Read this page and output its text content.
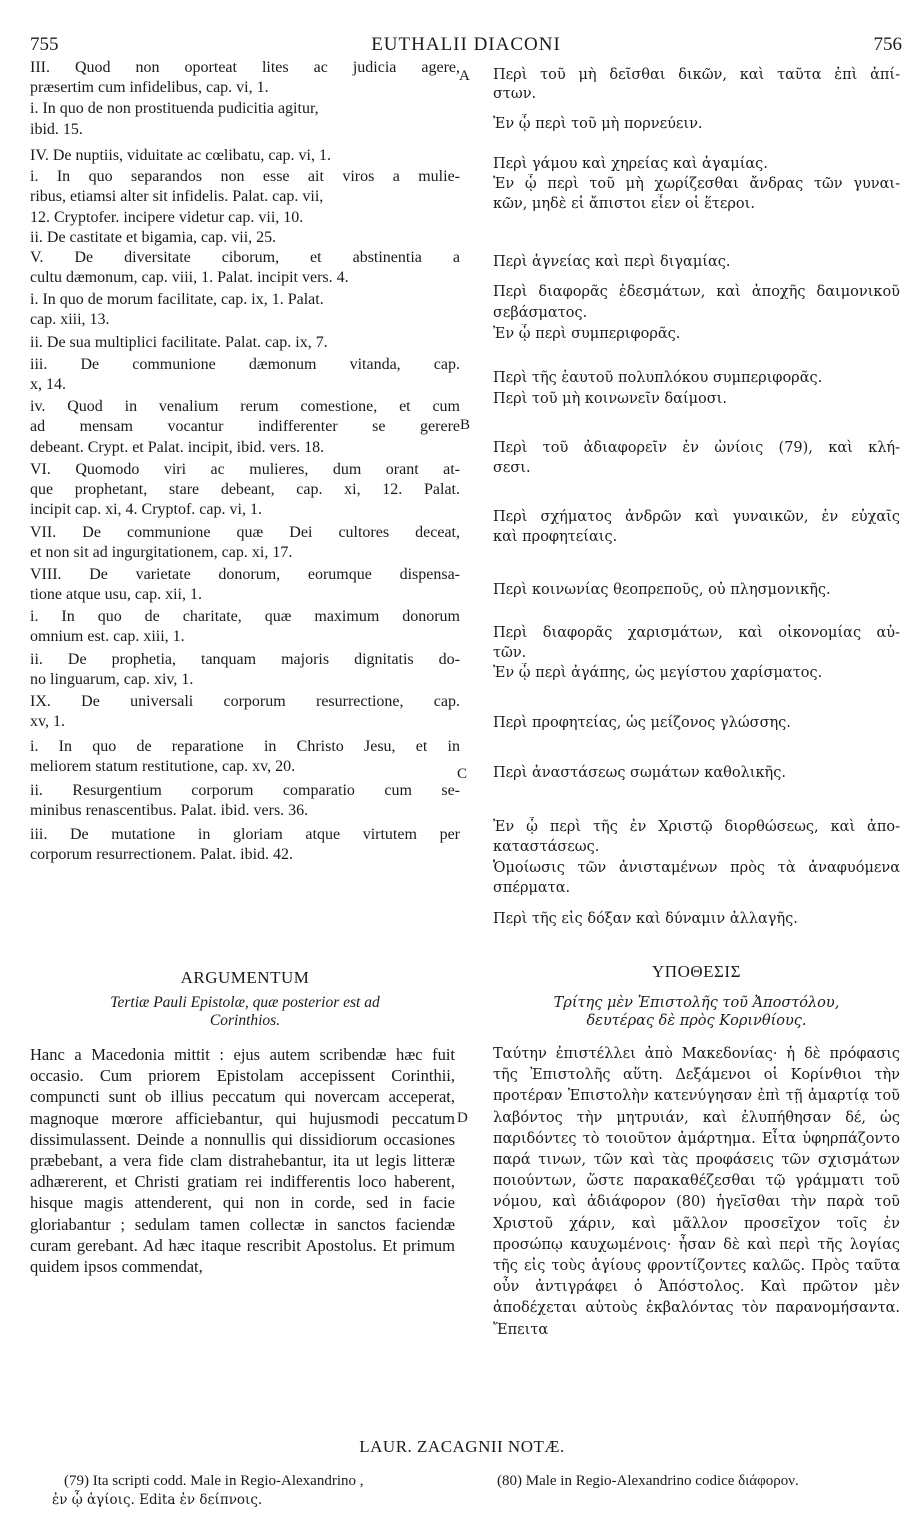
755	EUTHALII DIACONI	756
III. Quod non oporteat lites ac judicia agere,
præsertim cum infidelibus, cap. vi, 1.
i. In quo de non prostituenda pudicitia agitur,
ibid. 15.
IV. De nuptiis, viduitate ac cœlibatu, cap. vi, 1.
i. In quo separandos non esse ait viros a mulie-
ribus, etiamsi alter sit infidelis. Palat. cap. vii,
12. Cryptofer. incipere videtur cap. vii, 10.
ii. De castitate et bigamia, cap. vii, 25.
V. De diversitate ciborum, et abstinentia a
cultu dæmonum, cap. viii, 1. Palat. incipit vers. 4.
i. In quo de morum facilitate, cap. ix, 1. Palat.
cap. xiii, 13.
ii. De sua multiplici facilitate. Palat. cap. ix, 7.
iii. De communione dæmonum vitanda, cap.
x, 14.
iv. Quod in venalium rerum comestione, et cum
ad mensam vocantur indifferenter se gerere
debeant. Crypt. et Palat. incipit, ibid. vers. 18.
VI. Quomodo viri ac mulieres, dum orant at-
que prophetant, stare debeant, cap. xi, 12. Palat.
incipit cap. xi, 4. Cryptof. cap. vi, 1.
VII. De communione quæ Dei cultores deceat,
et non sit ad ingurgitationem, cap. xi, 17.
VIII. De varietate donorum, eorumque dispensa-
tione atque usu, cap. xii, 1.
i. In quo de charitate, quæ maximum donorum
omnium est. cap. xiii, 1.
ii. De prophetia, tanquam majoris dignitatis do-
no linguarum, cap. xiv, 1.
IX. De universali corporum resurrectione, cap.
xv, 1.
i. In quo de reparatione in Christo Jesu, et in
meliorem statum restitutione, cap. xv, 20.
ii. Resurgentium corporum comparatio cum se-
minibus renascentibus. Palat. ibid. vers. 36.
iii. De mutatione in gloriam atque virtutem per
corporum resurrectionem. Palat. ibid. 42.
Περὶ τοῦ μὴ δεῖσθαι δικῶν, καὶ ταῦτα ἐπὶ ἀπί-
στων.
Ἐν ᾧ περὶ τοῦ μὴ πορνεύειν.
Περὶ γάμου καὶ χηρείας καὶ ἀγαμίας.
Ἐν ᾧ περὶ τοῦ μὴ χωρίζεσθαι ἄνδρας τῶν γυναι-
κῶν, μηδὲ εἰ ἄπιστοι εἶεν οἱ ἕτεροι.
Περὶ ἁγνείας καὶ περὶ διγαμίας.
Περὶ διαφορᾶς ἐδεσμάτων, καὶ ἀποχῆς δαιμονικοῦ
σεβάσματος.
Ἐν ᾧ περὶ συμπεριφορᾶς.
Περὶ τῆς ἑαυτοῦ πολυπλόκου συμπεριφορᾶς.
Περὶ τοῦ μὴ κοινωνεῖν δαίμοσι.
Περὶ τοῦ ἀδιαφορεῖν ἐν ὠνίοις (79), καὶ κλή-
σεσι.
Περὶ σχήματος ἀνδρῶν καὶ γυναικῶν, ἐν εὐχαῖς
καὶ προφητείαις.
Περὶ κοινωνίας θεοπρεποῦς, οὐ πλησμονικῆς.
Περὶ διαφορᾶς χαρισμάτων, καὶ οἰκονομίας αὐ-
τῶν.
Ἐν ᾧ περὶ ἀγάπης, ὡς μεγίστου χαρίσματος.
Περὶ προφητείας, ὡς μείζονος γλώσσης.
Περὶ ἀναστάσεως σωμάτων καθολικῆς.
Ἐν ᾧ περὶ τῆς ἐν Χριστῷ διορθώσεως, καὶ ἀπο-
καταστάσεως.
Ὁμοίωσις τῶν ἀνισταμένων πρὸς τὰ ἀναφυόμενα
σπέρματα.
Περὶ τῆς εἰς δόξαν καὶ δύναμιν ἀλλαγῆς.
A
B
C
D
ARGUMENTUM
Tertiæ Pauli Epistolæ, quæ posterior est ad
Corinthios.
Hanc a Macedonia mittit : ejus autem scribendæ hæc fuit occasio. Cum priorem Epistolam accepissent Corinthii, compuncti sunt ob illius peccatum qui novercam acceperat, magnoque mœrore afficiebantur, qui hujusmodi peccatum dissimulassent. Deinde a nonnullis qui dissidiorum occasiones præbebant, a vera fide clam distrahebantur, ita ut legis litteræ adhærerent, et Christi gratiam rei indifferentis loco haberent, hisque magis attenderent, qui non in corde, sed in facie gloriabantur ; sedulam tamen collectæ in sanctos faciendæ curam gerebant. Ad hæc itaque rescribit Apostolus. Et primum quidem ipsos commendat,
ΥΠΟΘΕΣΙΣ
Τρίτης μὲν Ἐπιστολῆς τοῦ Ἀποστόλου,
δευτέρας δὲ πρὸς Κορινθίους.
Ταύτην ἐπιστέλλει ἀπὸ Μακεδονίας· ἡ δὲ πρόφασις τῆς Ἐπιστολῆς αὕτη. Δεξάμενοι οἱ Κορίνθιοι τὴν προτέραν Ἐπιστολὴν κατενύγησαν ἐπὶ τῇ ἁμαρτίᾳ τοῦ λαβόντος τὴν μητρυιάν, καὶ ἐλυπήθησαν δέ, ὡς παριδόντες τὸ τοιοῦτον ἁμάρτημα. Εἶτα ὑφηρπάζοντο παρά τινων, τῶν καὶ τὰς προφάσεις τῶν σχισμάτων ποιούντων, ὥστε παρακαθέζεσθαι τῷ γράμματι τοῦ νόμου, καὶ ἀδιάφορον (80) ἡγεῖσθαι τὴν παρὰ τοῦ Χριστοῦ χάριν, καὶ μᾶλλον προσεῖχον τοῖς ἐν προσώπῳ καυχωμένοις· ἦσαν δὲ καὶ περὶ τῆς λογίας τῆς εἰς τοὺς ἁγίους φροντίζοντες καλῶς. Πρὸς ταῦτα οὖν ἀντιγράφει ὁ Ἀπόστολος. Καὶ πρῶτον μὲν ἀποδέχεται αὐτοὺς ἐκβαλόντας τὸν παρανομήσαντα. Ἔπειτα
LAUR. ZACAGNII NOTÆ.
(79) Ita scripti codd. Male in Regio-Alexandrino ,
ἐν ᾧ ἁγίοις. Edita ἐν δείπνοις.
(80) Male in Regio-Alexandrino codice διάφορον.
